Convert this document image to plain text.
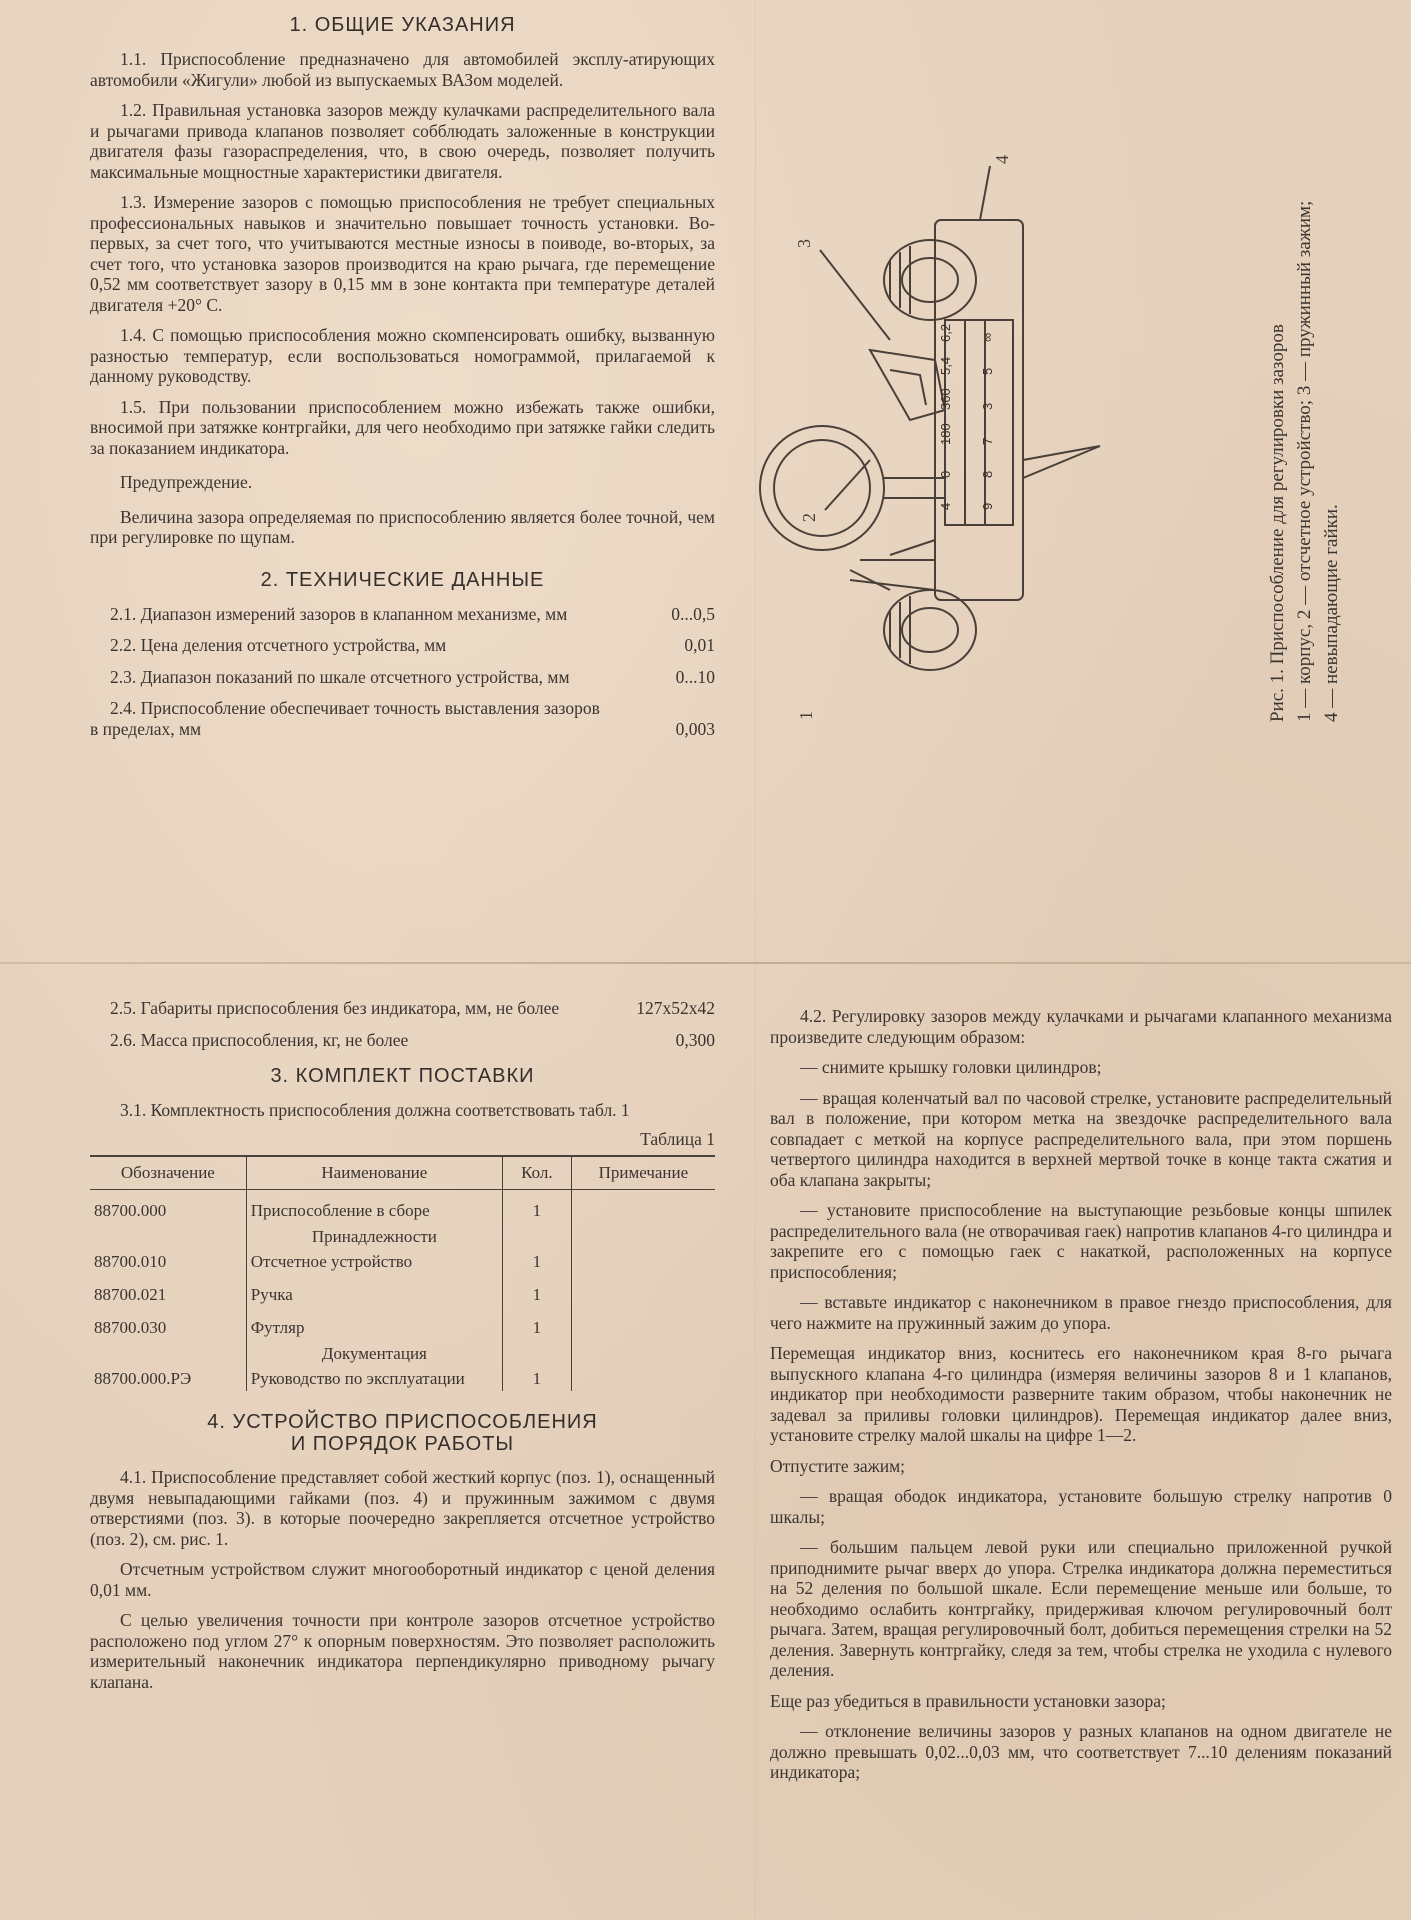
1. ОБЩИЕ УКАЗАНИЯ

1.1. Приспособление предназначено для автомобилей эксплу-атирующих автомобили «Жигули» любой из выпускаемых ВАЗом моделей.

1.2. Правильная установка зазоров между кулачками распределительного вала и рычагами привода клапанов позволяет собблюдать заложенные в конструкции двигателя фазы газораспределения, что, в свою очередь, позволяет получить максимальные мощностные характеристики двигателя.

1.3. Измерение зазоров с помощью приспособления не требует специальных профессиональных навыков и значительно повышает точность установки. Во-первых, за счет того, что учитываются местные износы в поиводе, во-вторых, за счет того, что установка зазоров производится на краю рычага, где перемещение 0,52 мм соответствует зазору в 0,15 мм в зоне контакта при температуре деталей двигателя +20° С.

1.4. С помощью приспособления можно скомпенсировать ошибку, вызванную разностью температур, если воспользоваться номограммой, прилагаемой к данному руководству.

1.5. При пользовании приспособлением можно избежать также ошибки, вносимой при затяжке контргайки, для чего необходимо при затяжке гайки следить за показанием индикатора.

Предупреждение.

Величина зазора определяемая по приспособлению является более точной, чем при регулировке по щупам.

2. ТЕХНИЧЕСКИЕ ДАННЫЕ
2.1. Диапазон измерений зазоров в клапанном механизме, мм	0...0,5
2.2. Цена деления отсчетного устройства, мм	0,01
2.3. Диапазон показаний по шкале отсчетного устройства, мм	0...10
2.4. Приспособление обеспечивает точность выставления зазоров в пределах, мм	0,003
6,2
5,4
360
180
0
4
∞
5
3
7
8
9
1
2
3
4
Рис. 1. Приспособление для регулировки зазоров 1 — корпус, 2 — отсчетное устройство; 3 — пружинный зажим; 4 — невыпадающие гайки.
2.5. Габариты приспособления без индикатора, мм, не более	127x52x42
2.6. Масса приспособления, кг, не более	0,300
3. КОМПЛЕКТ ПОСТАВКИ

3.1. Комплектность приспособления должна соответствовать табл. 1

Таблица 1
Обозначение	Наименование	Кол.	Примечание

88700.000	Приспособление в сборе	1	
	Принадлежности		
88700.010	Отсчетное устройство	1	

88700.021	Ручка	1	

88700.030	Футляр	1	
	Документация		
88700.000.РЭ	Руководство по эксплуатации	1	
4. УСТРОЙСТВО ПРИСПОСОБЛЕНИЯ
И ПОРЯДОК РАБОТЫ

4.1. Приспособление представляет собой жесткий корпус (поз. 1), оснащенный двумя невыпадающими гайками (поз. 4) и пружинным зажимом с двумя отверстиями (поз. 3). в которые поочередно закрепляется отсчетное устройство (поз. 2), см. рис. 1.

Отсчетным устройством служит многооборотный индикатор с ценой деления 0,01 мм.

С целью увеличения точности при контроле зазоров отсчетное устройство расположено под углом 27° к опорным поверхностям. Это позволяет расположить измерительный наконечник индикатора перпендикулярно приводному рычагу клапана.

4.2. Регулировку зазоров между кулачками и рычагами клапанного механизма произведите следующим образом:

— снимите крышку головки цилиндров;

— вращая коленчатый вал по часовой стрелке, установите распределительный вал в положение, при котором метка на звездочке распределительного вала совпадает с меткой на корпусе распределительного вала, при этом поршень четвертого цилиндра находится в верхней мертвой точке в конце такта сжатия и оба клапана закрыты;

— установите приспособление на выступающие резьбовые концы шпилек распределительного вала (не отворачивая гаек) напротив клапанов 4-го цилиндра и закрепите его с помощью гаек с накаткой, расположенных на корпусе приспособления;

— вставьте индикатор с наконечником в правое гнездо приспособления, для чего нажмите на пружинный зажим до упора.

Перемещая индикатор вниз, коснитесь его наконечником края 8-го рычага выпускного клапана 4-го цилиндра (измеряя величины зазоров 8 и 1 клапанов, индикатор при необходимости разверните таким образом, чтобы наконечник не задевал за приливы головки цилиндров). Перемещая индикатор далее вниз, установите стрелку малой шкалы на цифре 1—2.

Отпустите зажим;

— вращая ободок индикатора, установите большую стрелку напротив 0 шкалы;

— большим пальцем левой руки или специально приложенной ручкой приподнимите рычаг вверх до упора. Стрелка индикатора должна переместиться на 52 деления по большой шкале. Если перемещение меньше или больше, то необходимо ослабить контргайку, придерживая ключом регулировочный болт рычага. Затем, вращая регулировочный болт, добиться перемещения стрелки на 52 деления. Завернуть контргайку, следя за тем, чтобы стрелка не уходила с нулевого деления.

Еще раз убедиться в правильности установки зазора;

— отклонение величины зазоров у разных клапанов на одном двигателе не должно превышать 0,02...0,03 мм, что соответствует 7...10 делениям показаний индикатора;
